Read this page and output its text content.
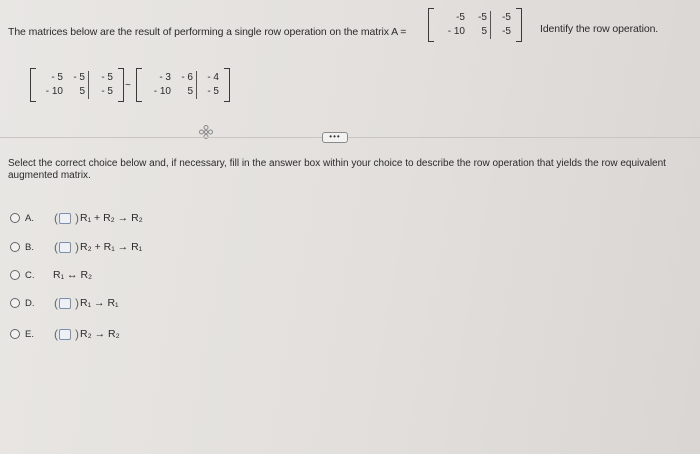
The matrices below are the result of performing a single row operation on the matrix A =
-5	-5	-5
- 10	5	-5	Identify the row operation.
- 5	- 5	- 5
- 10	5	- 5
~
- 3	- 6	- 4
- 10	5	- 5
•••
Select the correct choice below and, if necessary, fill in the answer box within your choice to describe the row operation that yields the row equivalent augmented matrix.
A.	( ) R₁ + R₂ → R₂
B.	( ) R₂ + R₁ → R₁
C.	R₁ ↔ R₂
D.	( ) R₁ → R₁
E.	( ) R₂ → R₂
